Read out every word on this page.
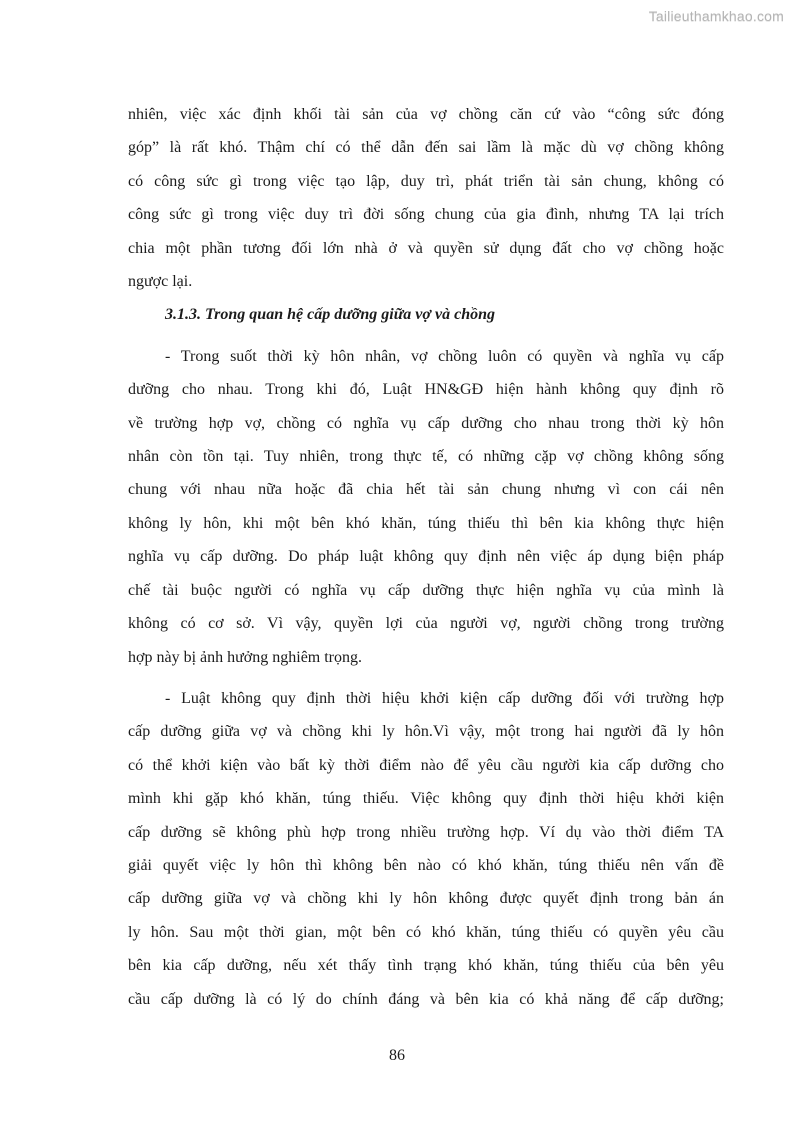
Tailieuthamkhao.com
nhiên, việc xác định khối tài sản của vợ chồng căn cứ vào “công sức đóng
góp” là rất khó. Thậm chí có thể dẫn đến sai lầm là mặc dù vợ chồng không
có công sức gì trong việc tạo lập, duy trì, phát triển tài sản chung, không có
công sức gì trong việc duy trì đời sống chung của gia đình, nhưng TA lại trích
chia một phần tương đối lớn nhà ở và quyền sử dụng đất cho vợ chồng hoặc
ngược lại.
3.1.3. Trong quan hệ cấp dưỡng giữa vợ và chồng
- Trong suốt thời kỳ hôn nhân, vợ chồng luôn có quyền và nghĩa vụ cấp
dưỡng cho nhau. Trong khi đó, Luật HN&GĐ hiện hành không quy định rõ
về trường hợp vợ, chồng có nghĩa vụ cấp dưỡng cho nhau trong thời kỳ hôn
nhân còn tồn tại. Tuy nhiên, trong thực tế, có những cặp vợ chồng không sống
chung với nhau nữa hoặc đã chia hết tài sản chung nhưng vì con cái nên
không ly hôn, khi một bên khó khăn, túng thiếu thì bên kia không thực hiện
nghĩa vụ cấp dưỡng. Do pháp luật không quy định nên việc áp dụng biện pháp
chế tài buộc người có nghĩa vụ cấp dưỡng thực hiện nghĩa vụ của mình là
không có cơ sở. Vì vậy, quyền lợi của người vợ, người chồng trong trường
hợp này bị ảnh hưởng nghiêm trọng.
- Luật không quy định thời hiệu khởi kiện cấp dưỡng đối với trường hợp
cấp dưỡng giữa vợ và chồng khi ly hôn.Vì vậy, một trong hai người đã ly hôn
có thể khởi kiện vào bất kỳ thời điểm nào để yêu cầu người kia cấp dưỡng cho
mình khi gặp khó khăn, túng thiếu. Việc không quy định thời hiệu khởi kiện
cấp dưỡng sẽ không phù hợp trong nhiều trường hợp. Ví dụ vào thời điểm TA
giải quyết việc ly hôn thì không bên nào có khó khăn, túng thiếu nên vấn đề
cấp dưỡng giữa vợ và chồng khi ly hôn không được quyết định trong bản án
ly hôn. Sau một thời gian, một bên có khó khăn, túng thiếu có quyền yêu cầu
bên kia cấp dưỡng, nếu xét thấy tình trạng khó khăn, túng thiếu của bên yêu
cầu cấp dưỡng là có lý do chính đáng và bên kia có khả năng để cấp dưỡng;
86
